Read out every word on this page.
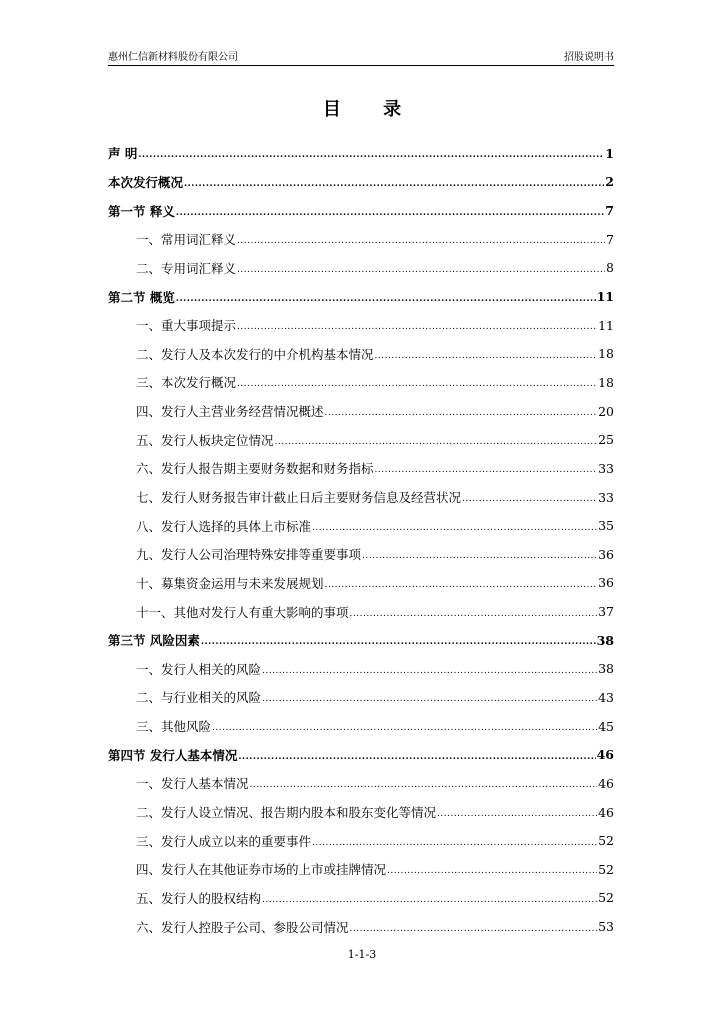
惠州仁信新材料股份有限公司	招股说明书
目 录
声 明 .....	1
本次发行概况 .....	2
第一节 释义 .....	7
一、常用词汇释义 .....	7
二、专用词汇释义 .....	8
第二节 概览 .....	11
一、重大事项提示 .....	11
二、发行人及本次发行的中介机构基本情况 .....	18
三、本次发行概况 .....	18
四、发行人主营业务经营情况概述 .....	20
五、发行人板块定位情况 .....	25
六、发行人报告期主要财务数据和财务指标 .....	33
七、发行人财务报告审计截止日后主要财务信息及经营状况 .....	33
八、发行人选择的具体上市标准 .....	35
九、发行人公司治理特殊安排等重要事项 .....	36
十、募集资金运用与未来发展规划 .....	36
十一、其他对发行人有重大影响的事项 .....	37
第三节 风险因素 .....	38
一、发行人相关的风险 .....	38
二、与行业相关的风险 .....	43
三、其他风险 .....	45
第四节 发行人基本情况 .....	46
一、发行人基本情况 .....	46
二、发行人设立情况、报告期内股本和股东变化等情况 .....	46
三、发行人成立以来的重要事件 .....	52
四、发行人在其他证券市场的上市或挂牌情况 .....	52
五、发行人的股权结构 .....	52
六、发行人控股子公司、参股公司情况 .....	53
1-1-3
